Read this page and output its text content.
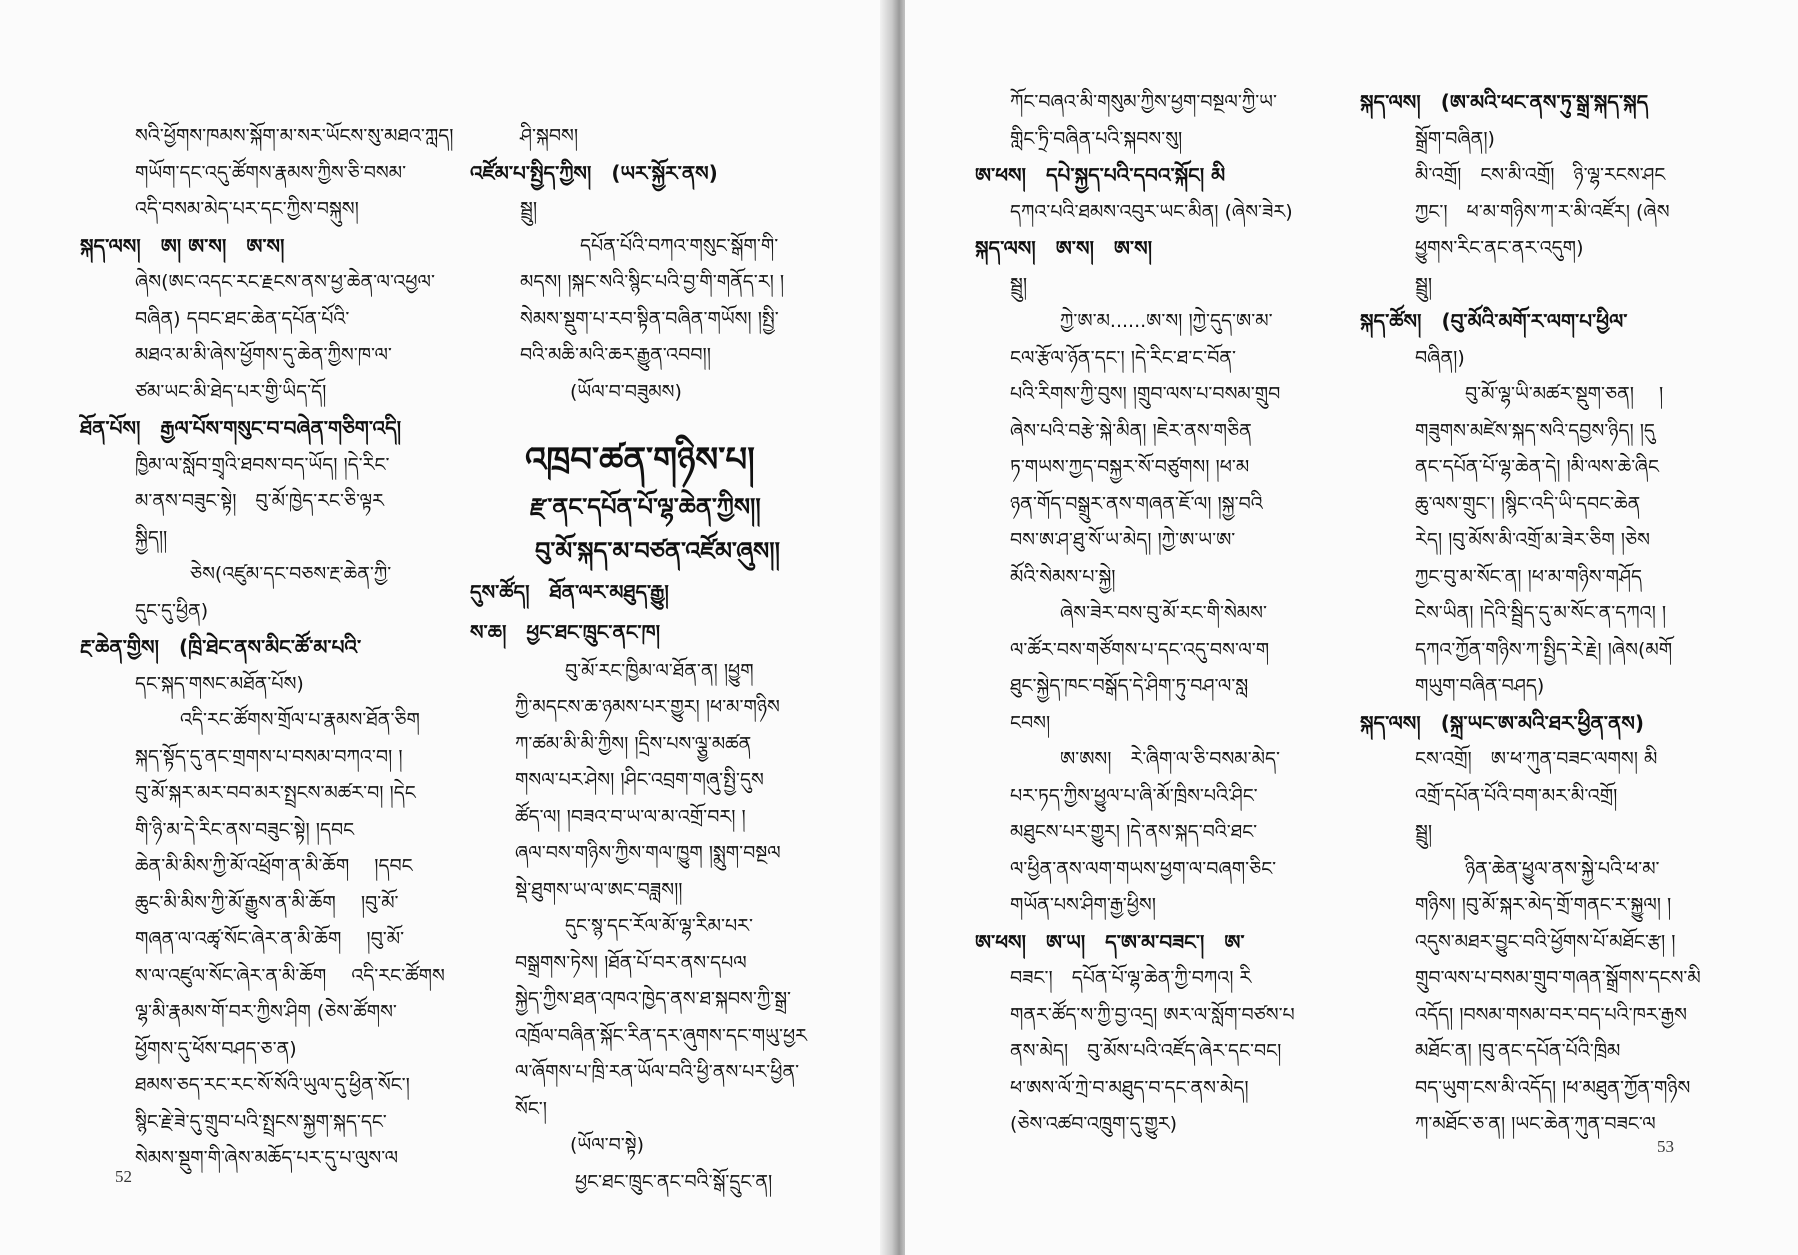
སའི་ཕྱོགས་ཁམས་སྐོག་མ་སར་ཡོངས་སུ་མཐའ་ཀླད།
གཡོག་དང་འདུ་ཚོགས་རྣམས་ཀྱིས་ཅི་བསམ་
འདི་བསམ་མེད་པར་དང་ཀྱིས་བསྐུས།
སྐད་ལས།　ཨ། ཨ་ས།　ཨ་ས།
ཞེས(ཨང་འདང་རང་རྗངས་ནས་ཕྱ་ཆེན་ལ་འཕྱལ་
བཞིན) དབང་ཐང་ཆེན་དཔོན་པོའི་
མཐའ་མ་མི་ཞེས་ཕྱོགས་དུ་ཆེན་ཀྱིས་ཁ་ལ་
ཙམ་ཡང་མི་ཐེད་པར་གྱི་ཡིད་དོ།
ཐོན་པོས།　རྒྱལ་པོས་གསུང་བ་བཞེན་གཅིག་འདི།
ཁྱིམ་ལ་སློབ་གྲྭའི་ཐབས་བད་ཡོད། །དེ་རིང་
མ་ནས་བཟུང་སྟེ།　བུ་མོ་ཁྱེད་རང་ཅི་ལྟར
སྐྱིད།།
ཅེས(འཛུམ་དང་བཅས་རྔ་ཆེན་ཀྱི་
དུང་དུ་ཕྱིན)
རྔ་ཆེན་གྱིས།　(ཁྲི་ཐེང་ནས་མིང་ཚོ་མ་པའི་
དང་སྐད་གསང་མཐོན་པོས)
འདི་རང་ཚོགས་གྲོལ་པ་རྣམས་ཐོན་ཅིག
སྐད་སྟོད་དུ་ནང་གྲགས་པ་བསམ་བཀའ་བ། །
བུ་མོ་སྐར་མར་བབ་མར་སྤྲངས་མཚར་བ། །དེང
གི་ཉི་མ་དེ་རིང་ནས་བཟུང་སྟེ། །དབང
ཆེན་མི་མིས་ཀྱི་མོ་འཕྲོག་ན་མི་ཆོག　 །དབང
ཆུང་མི་མིས་ཀྱི་མོ་རྒྱུས་ན་མི་ཆོག　 །བུ་མོ་
གཞན་ལ་འཚྭ་སོང་ཞེར་ན་མི་ཆོག　 །བུ་མོ་
ས་ལ་འཛུལ་སོང་ཞེར་ན་མི་ཆོག　 འདི་རང་ཚོགས
ལྷ་མི་རྣམས་གོ་བར་ཀྱིས་ཤིག (ཅེས་ཚོགས་
ཕྱོགས་དུ་ཕོས་བཤད་ཅ་ན)
ཐམས་ཅད་རང་རང་སོ་སོའི་ཡུལ་དུ་ཕྱིན་སོང་།
སྙིང་རྗེ་ཟེ་དུ་གྲུབ་པའི་སྤྲངས་སྐྱག་སྐད་དང་
སེམས་སྡུག་གི་ཞེས་མཆོད་པར་དུ་པ་ལུས་ལ
ཤི་སྐབས།
འཛོམ་པ་སྤྱིད་ཀྱིས།　(ཡར་སྐྱོར་ནས)
སྦྲུ།
དཔོན་པོའི་བཀའ་གསུང་སྒོག་གི་
མདས། །སྐང་སའི་སྙིང་པའི་བྱ་གི་གནོད་ར། །
སེམས་སྡུག་པ་རབ་སྟིན་བཞིན་གཡོས། །སྤྱི་
བའི་མཆི་མའི་ཆར་རྒྱུན་འབབ།།
(ཡོལ་བ་བཟུམས)
འཁྲབ་ཚན་གཉིས་པ།
རྫ་ནང་དཔོན་པོ་ལྷ་ཆེན་ཀྱིས།།
བུ་མོ་སྐད་མ་བཙན་འཛོམ་ཞུས།།
དུས་ཚོད།　ཐོན་ལར་མཐུད་རྒྱུ།
ས་ཆ།　ཕྱང་ཐང་ཁྲུང་ནང་ཁ།
བུ་མོ་རང་ཁྱིམ་ལ་ཐོན་ན། །ཕྱུག
ཀྱི་མདངས་ཆ་ཉམས་པར་གྱུར། །ཕ་མ་གཉིས
ཀ་ཚམ་མི་མི་ཀྱིས། །དྲིས་པས་ལྕྱ་མཚན
གསལ་པར་ཤེས། །ཤིང་འབྲག་གཞུ་སྤྱི་དུས
ཚོད་ལ། །བཟའ་བ་ཡ་ལ་མ་འགྲོ་བར། །
ཞལ་བས་གཉིས་ཀྱིས་གལ་ཁྱུག །སྨུག་བསྔལ
སྡེ་ཐུགས་ཡ་ལ་ཨང་བཟླས།།
དུང་སྙ་དང་རོལ་མོ་ལྷ་རིམ་པར་
བསྒྲགས་ཏེས། །ཐོན་པོ་བར་ནས་དཔལ
སྐྱེད་ཀྱིས་ཐན་འཁའ་ཁྱེད་ནས་ཐ་སྐབས་ཀྱི་སྒྲ་
འཁྲོལ་བཞིན་སྐོང་རིན་དར་ཞུགས་དང་གཡུ་ཕྱར
ལ་ཞོགས་པ་ཁྲི་རན་ཡོལ་བའི་ཕྱི་ནས་པར་ཕྱིན་
སོང་།
(ཡོལ་བ་སྟེ)
ཕྱང་ཐང་ཁྲུང་ནང་བའི་སྒོ་དྲུང་ན།
52
ཀོང་བཞའ་མི་གསུམ་ཀྱིས་ཕྱག་བསྔལ་ཀྱི་ཡ་
གླིང་ཏྲི་བཞིན་པའི་སྐབས་སུ།
ཨ་ཕས།　དཔེ་སྐྱད་པའི་དབའ་སྐོང། མི
དཀའ་པའི་ཐམས་འབུར་ཡང་མིན། (ཞེས་ཟེར)
སྐད་ལས།　ཨ་ས།　ཨ་ས།
སྦྲུ།
ཀྱེ་ཨ་མ......ཨ་ས། །ཀྱེ་དུད་ཨ་མ་
ངལ་རྩོལ་ཉོན་དང་། །དེ་རིང་ཐ་ང་བོན་
པའི་རིགས་ཀྱི་བུས། །གྲུབ་ལས་པ་བསམ་གྲུབ
ཞེས་པའི་བརྩེ་སྐེ་མིན། །ཇེར་ནས་གཅིན
ཏ་གཡས་ཀྱད་བསྐྱར་སོ་བཙུགས། །ཕ་མ
ཉན་གོད་བསྒྲུར་ནས་གཞན་ཇོ་ལ། །སྐྱ་བའི
བས་ཨ་ཤ་ཐུ་སོ་ཡ་མེད། །ཀྱེ་ཨ་ཡ་ཨ་
མོའི་སེམས་པ་སྐྱེ།
ཞེས་ཟེར་བས་བུ་མོ་རང་གི་སེམས་
ལ་ཚོར་བས་གཙོགས་པ་དང་འདུ་བས་ལ་ག
ཐུང་སྐྱེད་ཁང་བསྒོད་དེ་ཤིག་ཏུ་བཤ་ལ་སླ
ངབས།
ཨ་ཨས།　རེ་ཞིག་ལ་ཅི་བསམ་མེད་
པར་ཏད་ཀྱིས་ཕྱུལ་པ་ཞི་མོ་ཁྲིས་པའི་ཤིང་
མཐུངས་པར་གྱུར། །དེ་ནས་སྐད་བའི་ཐང་
ལ་ཕྱིན་ནས་ལག་གཡས་ཕྱག་ལ་བཞག་ཅིང་
གཡོན་པས་ཤིག་རྒྱ་ཕྱིས།
ཨ་ཕས།　ཨ་ཡ།　ད་ཨ་མ་བཟང་།　ཨ་
བཟང་།　དཔོན་པོ་ལྷ་ཆེན་ཀྱི་བཀའ། རི
གནར་ཚོད་ས་ཀྱི་བྱ་འདྲ། ཨར་ལ་སློག་བཙས་པ
ནས་མེད།　བུ་མོས་པའི་འཛོད་ཞེར་དང་བང།
ཕ་ཨས་ལོ་ཀྲེ་བ་མཐུད་བ་དང་ནས་མེད།
(ཅེས་འཚབ་འཁྲུག་དུ་གྱུར)
སྐད་ལས།　(ཨ་མའི་ཕང་ནས་ཏུ་སྒྲ་སྐད་སྐད
སྒྲོག་བཞིན།)
མི་འགྲོ།　ངས་མི་འགྲོ།　ཉི་ལྷ་རངས་ཤང
ཀྱང་།　ཕ་མ་གཉིས་ཀ་ར་མི་འཛོར། (ཞེས
ཕྱུགས་རིང་ནང་ནར་འདུག)
སྦྲུ།
སྐད་ཚོས།　(བུ་མོའི་མགོ་ར་ལག་པ་ཕྱིལ་
བཞིན།)
བུ་མོ་ལྷ་ཡི་མཚར་སྡུག་ཅན།　 །
གཟུགས་མཛེས་སྐད་སའི་དབྱས་ཉིད། །དུ
ནང་དཔོན་པོ་ལྷ་ཆེན་དེ། །མི་ལས་ཆེ་ཞིང
ཆུ་ལས་གྲུང་། །སྙིང་འདི་ཡི་དབང་ཆེན
རེད། །བུ་མོས་མི་འགྲོ་མ་ཟེར་ཅིག །ཅེས
ཀྱང་བུ་མ་སོང་ན། །ཕ་མ་གཉིས་གཤོད
ངེས་ཡིན། །དེའི་སྦྲིད་དུ་མ་སོང་ན་དཀའ། །
དཀའ་ཀྱོན་གཉིས་ཀ་སྤྱིད་རེ་རྗེ། །ཞེས(མགོ
གཡུག་བཞིན་བཤད)
སྐད་ལས།　(སྐྲ་ཡང་ཨ་མའི་ཐར་ཕྱིན་ནས)
ངས་འགྲོ།　ཨ་ཕ་ཀུན་བཟང་ལགས། མི
འགྲོ་དཔོན་པོའི་བག་མར་མི་འགྲོ།
སྦྲུ།
ཉིན་ཆེན་ཕྱུལ་ནས་སྐྱེ་པའི་ཕ་མ་
གཉིས། །བུ་མོ་སྐར་མེད་གྲོ་གནང་ར་སྐྱུལ། །
འདུས་མཐར་བྱུང་བའི་ཕྱོགས་པོ་མཐོང་རྩ། །
གྲུབ་ལས་པ་བསམ་གྲུབ་གཞན་སྒྲོགས་དངས་མི
འདོད། །བསམ་གསམ་བར་བད་པའི་ཁར་རྒྱས
མཐོང་ན། །བུ་ནང་དཔོན་པོའི་ཁྲིམ
བད་ཡུག་ངས་མི་འདོད། །ཕ་མཐུན་ཀྱོན་གཉིས
ཀ་མཐོང་ཅ་ན། །ཡང་ཆེན་ཀུན་བཟང་ལ
53
